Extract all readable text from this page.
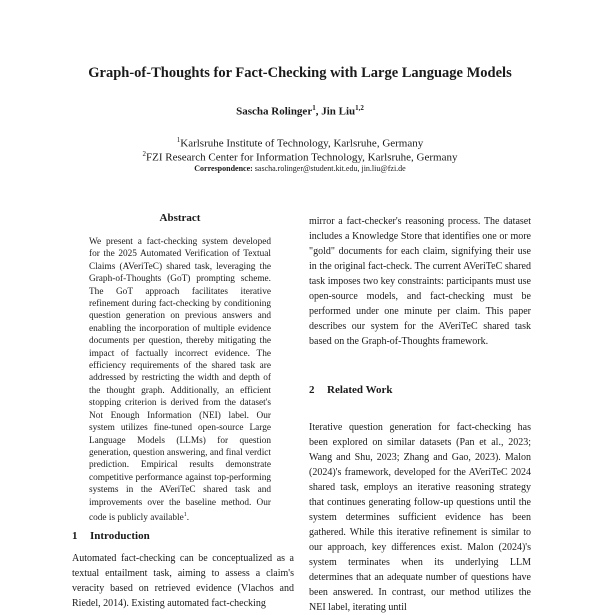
Graph-of-Thoughts for Fact-Checking with Large Language Models
Sascha Rolinger$^1$, Jin Liu$^{1,2}$
$^1$Karlsruhe Institute of Technology, Karlsruhe, Germany
$^2$FZI Research Center for Information Technology, Karlsruhe, Germany
Correspondence: sascha.rolinger@student.kit.edu, jin.liu@fzi.de
Abstract
We present a fact-checking system developed for the 2025 Automated Verification of Textual Claims (AVeriTeC) shared task, leveraging the Graph-of-Thoughts (GoT) prompting scheme. The GoT approach facilitates iterative refinement during fact-checking by conditioning question generation on previous answers and enabling the incorporation of multiple evidence documents per question, thereby mitigating the impact of factually incorrect evidence. The efficiency requirements of the shared task are addressed by restricting the width and depth of the thought graph. Additionally, an efficient stopping criterion is derived from the dataset's Not Enough Information (NEI) label. Our system utilizes fine-tuned open-source Large Language Models (LLMs) for question generation, question answering, and final verdict prediction. Empirical results demonstrate competitive performance against top-performing systems in the AVeriTeC shared task and improvements over the baseline method. Our code is publicly available$^1$.
1 Introduction
Automated fact-checking can be conceptualized as a textual entailment task, aiming to assess a claim's veracity based on retrieved evidence (Vlachos and Riedel, 2014). Existing automated fact-checking
mirror a fact-checker's reasoning process. The dataset includes a Knowledge Store that identifies one or more "gold" documents for each claim, signifying their use in the original fact-check. The current AVeriTeC shared task imposes two key constraints: participants must use open-source models, and fact-checking must be performed under one minute per claim. This paper describes our system for the AVeriTeC shared task based on the Graph-of-Thoughts framework.
2 Related Work
Iterative question generation for fact-checking has been explored on similar datasets (Pan et al., 2023; Wang and Shu, 2023; Zhang and Gao, 2023). Malon (2024)'s framework, developed for the AVeriTeC 2024 shared task, employs an iterative reasoning strategy that continues generating follow-up questions until the system determines sufficient evidence has been gathered. While this iterative refinement is similar to our approach, key differences exist. Malon (2024)'s system terminates when its underlying LLM determines that an adequate number of questions have been answered. In contrast, our method utilizes the NEI label, iterating until
